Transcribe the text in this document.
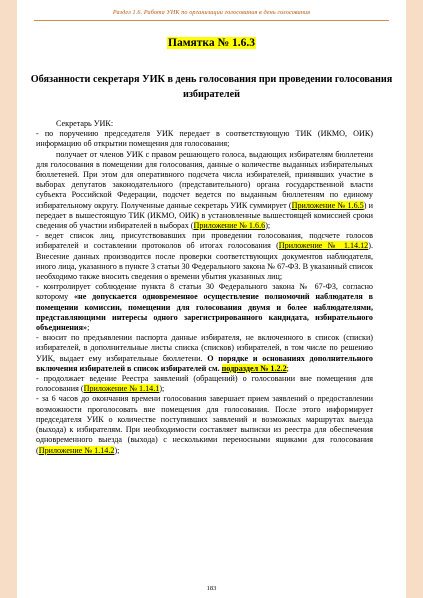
Раздел 1.6. Работа УИК по организации голосования в день голосования
Памятка № 1.6.3
Обязанности секретаря УИК в день голосования при проведении голосования избирателей

Секретарь УИК:

- по поручению председателя УИК передает в соответствующую ТИК (ИКМО, ОИК) информацию об открытии помещения для голосования;

получает от членов УИК с правом решающего голоса, выдающих избирателям бюллетени для голосования в помещении для голосования, данные о количестве выданных избирательных бюллетеней. При этом для оперативного подсчета числа избирателей, принявших участие в выборах депутатов законодательного (представительного) органа государственной власти субъекта Российской Федерации, подсчет ведется по выданным бюллетеням по единому избирательному округу. Полученные данные секретарь УИК суммирует (Приложение № 1.6.5) и передает в вышестоящую ТИК (ИКМО, ОИК) в установленные вышестоящей комиссией сроки сведения об участии избирателей в выборах (Приложение № 1.6.6);

- ведет список лиц, присутствовавших при проведении голосования, подсчете голосов избирателей и составлении протоколов об итогах голосования (Приложение № 1.14.12). Внесение данных производится после проверки соответствующих документов наблюдателя, иного лица, указанного в пункте 3 статьи 30 Федерального закона № 67-ФЗ. В указанный список необходимо также вносить сведения о времени убытия указанных лиц;

- контролирует соблюдение пункта 8 статьи 30 Федерального закона № 67-ФЗ, согласно которому «не допускается одновременное осуществление полномочий наблюдателя в помещении комиссии, помещении для голосования двумя и более наблюдателями, представляющими интересы одного зарегистрированного кандидата, избирательного объединения»;

- вносит по предъявлении паспорта данные избирателя, не включенного в список (списки) избирателей, в дополнительные листы списка (списков) избирателей, в том числе по решению УИК, выдает ему избирательные бюллетени. О порядке и основаниях дополнительного включения избирателей в список избирателей см. подраздел № 1.2.2;

- продолжает ведение Реестра заявлений (обращений) о голосовании вне помещения для голосования (Приложение № 1.14.1);

- за 6 часов до окончания времени голосования завершает прием заявлений о предоставлении возможности проголосовать вне помещения для голосования. После этого информирует председателя УИК о количестве поступивших заявлений и возможных маршрутах выезда (выхода) к избирателям. При необходимости составляет выписки из реестра для обеспечения одновременного выезда (выхода) с несколькими переносными ящиками для голосования (Приложение № 1.14.2);

183
